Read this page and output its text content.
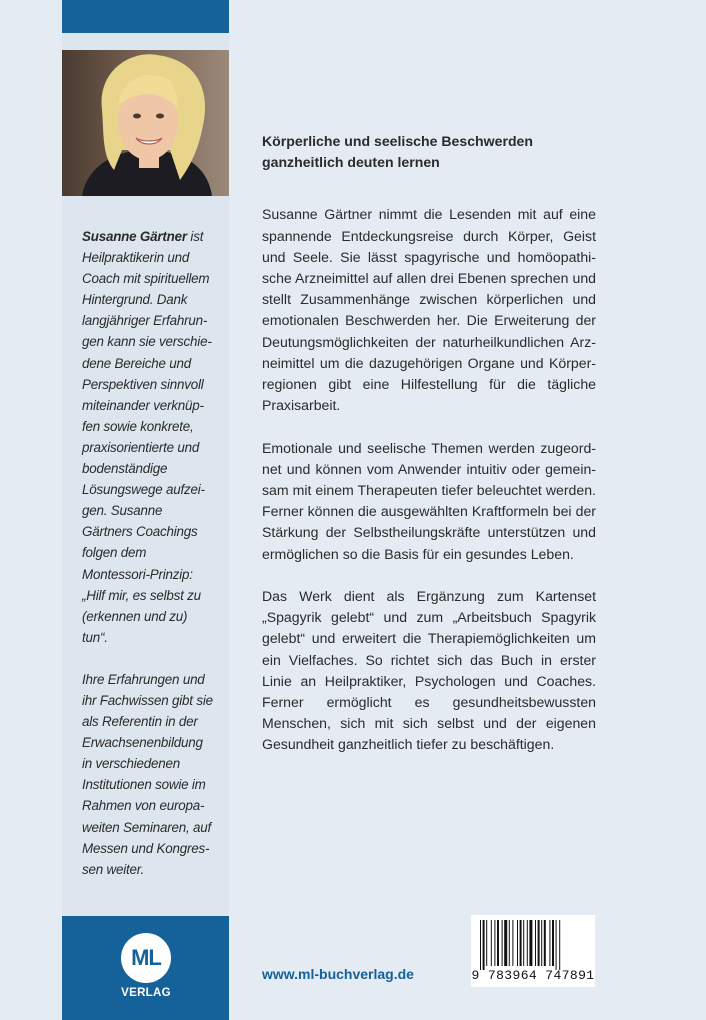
Susanne Gärtner ist Heilpraktikerin und Coach mit spirituellem Hintergrund. Dank langjähriger Erfahrungen kann sie verschiedene Bereiche und Perspektiven sinnvoll miteinander verknüpfen sowie konkrete, praxisorientierte und bodenständige Lösungswege aufzeigen. Susanne Gärtners Coachings folgen dem Montessori-Prinzip: „Hilf mir, es selbst zu (erkennen und zu) tun“.

Ihre Erfahrungen und ihr Fachwissen gibt sie als Referentin in der Erwachsenenbildung in verschiedenen Institutionen sowie im Rahmen von europaweiten Seminaren, auf Messen und Kongressen weiter.

Körperliche und seelische Beschwerden
ganzheitlich deuten lernen

Susanne Gärtner nimmt die Lesenden mit auf eine spannende Entdeckungsreise durch Körper, Geist und Seele. Sie lässt spagyrische und homöopathische Arzneimittel auf allen drei Ebenen sprechen und stellt Zusammenhänge zwischen körperlichen und emotionalen Beschwerden her. Die Erweiterung der Deutungsmöglichkeiten der naturheilkundlichen Arzneimittel um die dazugehörigen Organe und Körperregionen gibt eine Hilfestellung für die tägliche Praxisarbeit.

Emotionale und seelische Themen werden zugeordnet und können vom Anwender intuitiv oder gemeinsam mit einem Therapeuten tiefer beleuchtet werden. Ferner können die ausgewählten Kraftformeln bei der Stärkung der Selbstheilungskräfte unterstützen und ermöglichen so die Basis für ein gesundes Leben.

Das Werk dient als Ergänzung zum Kartenset „Spagyrik gelebt“ und zum „Arbeitsbuch Spagyrik gelebt“ und erweitert die Therapiemöglichkeiten um ein Vielfaches. So richtet sich das Buch in erster Linie an Heilpraktiker, Psychologen und Coaches. Ferner ermöglicht es gesundheitsbewussten Menschen, sich mit sich selbst und der eigenen Gesundheit ganzheitlich tiefer zu beschäftigen.

ML
VERLAG
www.ml-buchverlag.de	9 783964 747891
